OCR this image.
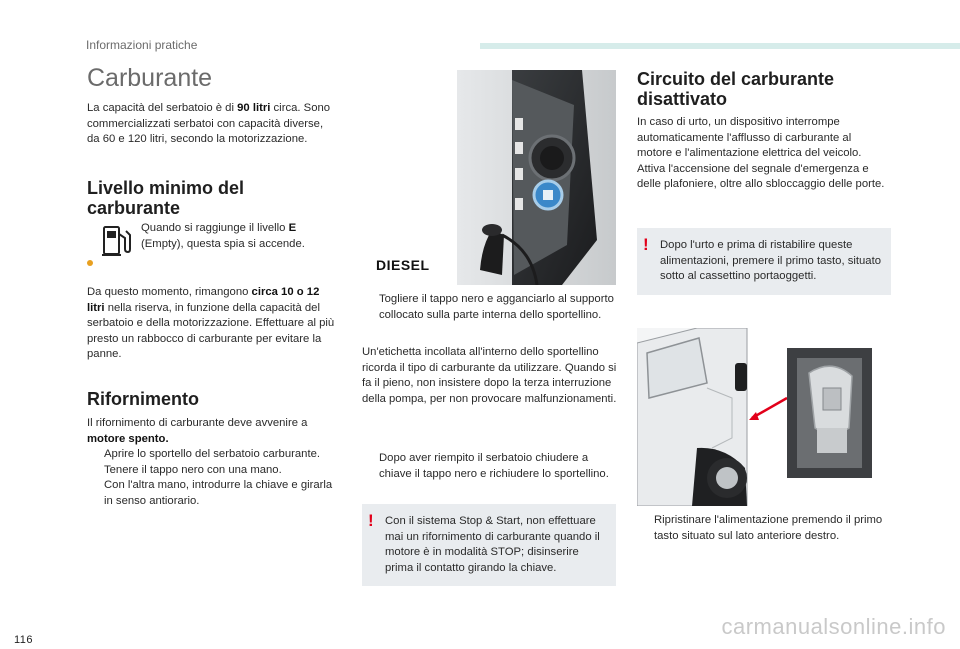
Informazioni pratiche
Carburante

La capacità del serbatoio è di 90 litri circa. Sono commercializzati serbatoi con capacità diverse, da 60 e 120 litri, secondo la motorizzazione.

Livello minimo del carburante

Quando si raggiunge il livello E (Empty), questa spia si accende.

Da questo momento, rimangono circa 10 o 12 litri nella riserva, in funzione della capacità del serbatoio e della motorizzazione. Effettuare al più presto un rabbocco di carburante per evitare la panne.

Rifornimento

Il rifornimento di carburante deve avvenire a motore spento.

Aprire lo sportello del serbatoio carburante.
Tenere il tappo nero con una mano.
Con l'altra mano, introdurre la chiave e girarla in senso antiorario.
DIESEL
Togliere il tappo nero e agganciarlo al supporto collocato sulla parte interna dello sportellino.

Un'etichetta incollata all'interno dello sportellino ricorda il tipo di carburante da utilizzare. Quando si fa il pieno, non insistere dopo la terza interruzione della pompa, per non provocare malfunzionamenti.

Dopo aver riempito il serbatoio chiudere a chiave il tappo nero e richiudere lo sportellino.
! Con il sistema Stop & Start, non effettuare mai un rifornimento di carburante quando il motore è in modalità STOP; disinserire prima il contatto girando la chiave.
Circuito del carburante disattivato

In caso di urto, un dispositivo interrompe automaticamente l'afflusso di carburante al motore e l'alimentazione elettrica del veicolo. Attiva l'accensione del segnale d'emergenza e delle plafoniere, oltre allo sbloccaggio delle porte.

! Dopo l'urto e prima di ristabilire queste alimentazioni, premere il primo tasto, situato sotto al cassettino portaoggetti.
Ripristinare l'alimentazione premendo il primo tasto situato sul lato anteriore destro.
116
carmanualsonline.info
